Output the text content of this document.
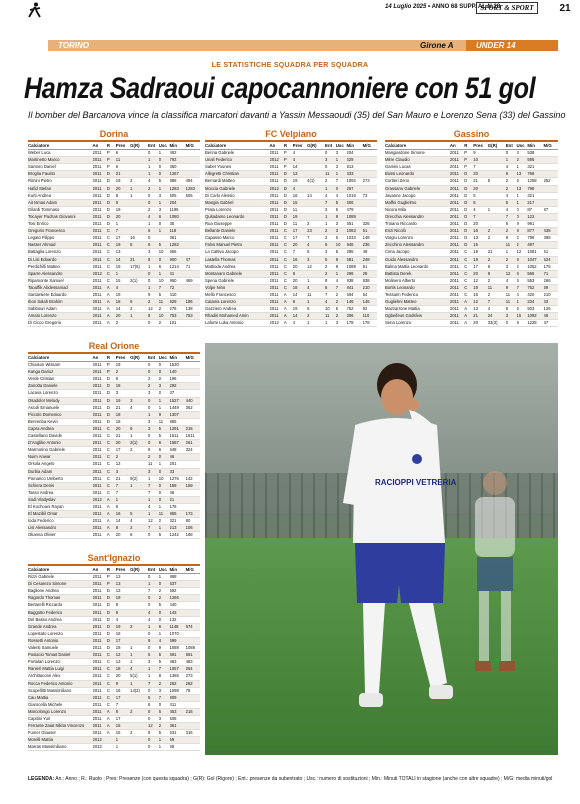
14 Luglio 2025 • ANNO 68 SUPP. AL N.28
SPORT & SPORT	21
TORINO	Girone A	UNDER 14
LE STATISTICHE SQUADRA PER SQUADRA
Hamza Sadraoui capocannoniere con 51 gol
Il bomber del Barcanova vince la classifica marcatori davanti a Yassin Messaoudi (35) del San Mauro e Lorenzo Sena (33) del Gassino
Dorina
Calciatore	An	R	Pres	G(R)	Ent	Usc	Min	M/G
Weber Luca	2011	P	6		0	1	492	
Martinetto Marco	2011	P	11		1	0	792	
Santoro Daniel	2011	P	6		1	0	360	
Broglia Fausto	2011	D	21		1	0	1267	
Rimini Pietro	2011	D	19	2	4	5	988	494
Hafid Stefan	2011	D	20	1	2	1	1283	1283
Kurti Andrea	2011	D	8	1	0	3	505	505
Ait Ismas Adam	2011	D	9		0	1	204	
Gilardi Tommaso	2011	D	19		2	3	1195	
Tocayer Pachas Giovanni	2011	D	20		4	6	1080	
Tosi Enrico	2011	D	1		1	0	35	
Gregorio Francesco	2011	C	7		6	1	118	
Legato Filippo	2011	C	17	16	0		361	
Nasser Ahmad	2011	C	19	8	6	5	1282	
Battaglia Lorenzo	2011	C	13		3	10	556	
Di Lisi Edoardo	2011	C	14	21	8	0	900	47
Perdichilli Matteo	2011	C	19	17(5)	1	6	1214	71
Sparre Alessandro	2012	C	1		0	1	41	
Ripamonte Samuel	2011	C	15	2(1)	0	10	950	469
Taouffik Abdessamad	2011	A	4		1	7	72	
Santarsiere Edoardo	2011	A	19		9	5	410	
Ibon Salah Brahim	2011	A	18	5	2	11	929	186
Sabbouri Adam	2011	A	14	2	12	2	276	138
Amato Lorenzo	2011	A	20	1	8	10	753	753
Di Cicco Gregorio	2011	A	2		0	2	101	
FC Velpiano
Calciatore	An	R	Pres	G(R)	Ent	Usc	Min	M/G
Benna Gabriele	2011	P	4		0	3	204	
Unali Federico	2012	P	4		3	1	329	
Saber Younes	2011	P	14		0	3	913	
Allegretti Christian	2011	D	13		11	1	333	
Bernardi Matteo	2011	D	19	4(1)	2	7	1092	273
Moccia Gabriele	2012	D	4		1	0	257	
Di Carlo Alessio	2011	D	18	14	4	4	1016	73
Mangia Gabriel	2011	D	15		7	5	606	
Prata Lorenzo	2011	D	11		3	5	479	
Quitadamo Leonardo	2011	D	19		1	8	1089	
Rua Giuseppe	2011	D	11	2	1	3	651	326
Bellante Daniele	2011	C	17	23	2	3	1063	51
Capasso Marco	2011	C	17	7	2	5	1033	148
Falvo Manuel Pietro	2011	C	20	4	6	10	946	236
La Cattiva Jacopo	2011	C	7	6	3	5	295	49
Lastella Thomas	2011	C	16	3	5	8	681	248
Mattioda Andrea	2011	C	20	12	2	9	1089	91
Montanaro Gabriele	2011	C	6		2	1	296	28
Spena Gabriele	2011	C	20	1	9	4	838	838
Volpe Nino	2011	C	18	4	6	7	841	210
Mello Francesco	2011	A	14	11	7	2	594	54
Catania Lorenzo	2011	A	6	1	4	2	146	146
Gazziero Andrea	2011	A	19	8	10	6	752	92
Rhadiri Mohamed Amin	2011	A	14	2	11	2	306	110
Lafurte Luka Antonio	2012	A	4	1	1	3	178	178
Gassino
Calciatore	An	R	Pres	G(R)	Ent	Usc	Min	M/G
Mangiardone Simone	2011	P	9		0	3	538	
Mitre Claudio	2011	P	10		1	2	595	
Gamini Lucas	2011	P	7		4	1	321	
Bossi Leonardo	2011	D	20		6	13	766	
Cortieri Zeno	2011	D	21	5	2	5	1258	252
Grassano Gabriele	2011	D	20		2	13	798	
Javanne Jacopo	2011	D	5		4	1	321	
Maffei Guglielmo	2011	D	6		5	1	217	
Nicora Mila	2011	D	4	1	4	0	87	87
Orecchia Alessandro	2011	D	7		7	0	122	
Troiano Riccardo	2011	D	20		6	9	991	
Enzi Nicolò	2011	D	16	2	2	8	877	438
Vargiu Lorenzo	2011	D	13	2	8	2	796	398
Zecchino Alessandro	2011	D	15		11	2	497	
Cima Jacopo	2011	C	19	21	1	12	1081	51
Guido Alessandro	2011	C	19	2	2	9	1047	524
Balma Mattia Leonardo	2011	C	17	6	3	2	1052	175
Battista Derek	2011	C	20	8	12	6	566	71
Molinero Alberto	2011	C	12	2	4	6	553	266
Bortis Leonardo	2011	C	19	11	9	7	752	69
Tessarin Federico	2011	C	16	2	11	4	420	210
Guglielmi Matteo	2011	A	12	7	11	1	234	33
Mazzarrone Mattia	2011	A	13	4	6	5	503	126
Ogbeifeun Godsfew	2011	A	21	24	3	15	1092	46
Sena Lorenzo	2011	A	20	33(3)	0	9	1228	37
Real Orione
Calciatore	An	R	Pres	G(R)	Ent	Usc	Min	M/G
Chiaison Wissam	2011	P	19		0	0	1530	
Kanga Dariuz	2011	P	2		0	0	140	
Verde Cristian	2011	D	5		2	2	196	
Zanotta Daniele	2011	D	18		2	3	292	
Lacava Lorenzo	2011	D	3		3	0	37	
Osadolor Melody	2011	D	19	3	0	1	1527	440
Ascoli Emanuele	2011	D	21	4	0	1	1449	362
Piccolo Domenico	2011	D	18		1	9	1307	
Benrenba Kevin	2011	D	18		3	11	865	
Capra Andrea	2011	C	20	6	3	5	1291	215
Castellano Davide	2011	C	21	1	0	5	1611	1611
D'Anglike Antonio	2011	C	20	3(1)	0	6	1587	261
Marmorino Gabriele	2011	C	17	2	9	6	648	324
Nuim Anwar	2011	C	2		2	0	46	
Orsola Angelo	2011	C	12		11	1	201	
Durbia Adam	2011	C	3		3	0	33	
Pomarico Umberto	2011	C	21	9(2)	1	10	1276	142
Schiera Denis	2011	C	7	1	7	0	159	159
Tasso Andrea	2011	C	7		7	0	46	
Sodi Vladyslav	2012	A	1		1	0	21	
El Kochouni Rayan	2011	A	5		4	1	178	
El Mazibil Omar	2011	A	16	5	1	11	865	173
Ioda Federico	2011	A	14	4	12	2	321	80
Lisi Alessandro	2011	A	8	2	7	1	213	106
Okanna Olivier	2011	A	20	8	0	5	1242	168
Sant'Ignazio
Calciatore	An	R	Pres	G(R)	Ent	Usc	Min	M/G
Rizzi Gabriele	2011	P	13		0	1	888	
Di Cesarezo Simone	2011	P	13		1	0	637	
Baglione Andrea	2011	D	13		7	2	592	
Ragordo Thomas	2011	D	19		0	2	1266	
Bertarelli Riccardo	2011	D	8		0	5	440	
Baggotto Federico	2011	D	6		4	0	143	
Del Basso Andrea	2011	D	4		4	0	132	
Grande Andrea	2011	D	19	2	1	6	1148	574
Lopestato Lorenzo	2011	D	18		0	1	1070	
Rossetti Antonio	2011	D	17		9	4	699	
Valenti Samuele	2011	D	18	1	0	9	1088	1088
Pusiacio Tomas Daniel	2011	C	12	1	5	5	691	691
Portalari Lorenzo	2011	C	13	1	3	5	483	483
Ranieri Mattia Luigi	2011	C	18	4	1	7	1057	264
Archittacone Alex	2011	C	20	5(1)	1	8	1365	273
Rocca Federico Antonio	2011	C	9	1	7	2	262	262
Scopellitti Massimiliano	2011	C	16	14(2)	0	3	1098	78
Cau Mattia	2011	C	17		5	7	809	
Giarocella Michele	2011	C	7		6	0	411	
Marcolongo Lorenzo	2011	A	8	2	0	5	453	216
Capitini Yuri	2011	A	17		0	3	508	
Ferrante Zaiat Nikita Vincenzo	2011	A	15		12	2	361	
Fumer Glauser	2011	A	15	2	8	5	631	316
Morelli Mattia	2012		1		0	1	59	
Marras Massimiliano	2012		1		0	1	59	
RACIOPPI VETRERIA
LEGENDA: An.: Anno ; R.: Ruolo ; Pres: Presenze (con questa squadra) ; G(R): Gol (Rigore) ; Ent.: presenze da subentrato ; Usc.: numero di sostituzioni ; Min.: Minuti TOTALI in stagione (anche con altre squadre) ; M/G: media minuti/gol
